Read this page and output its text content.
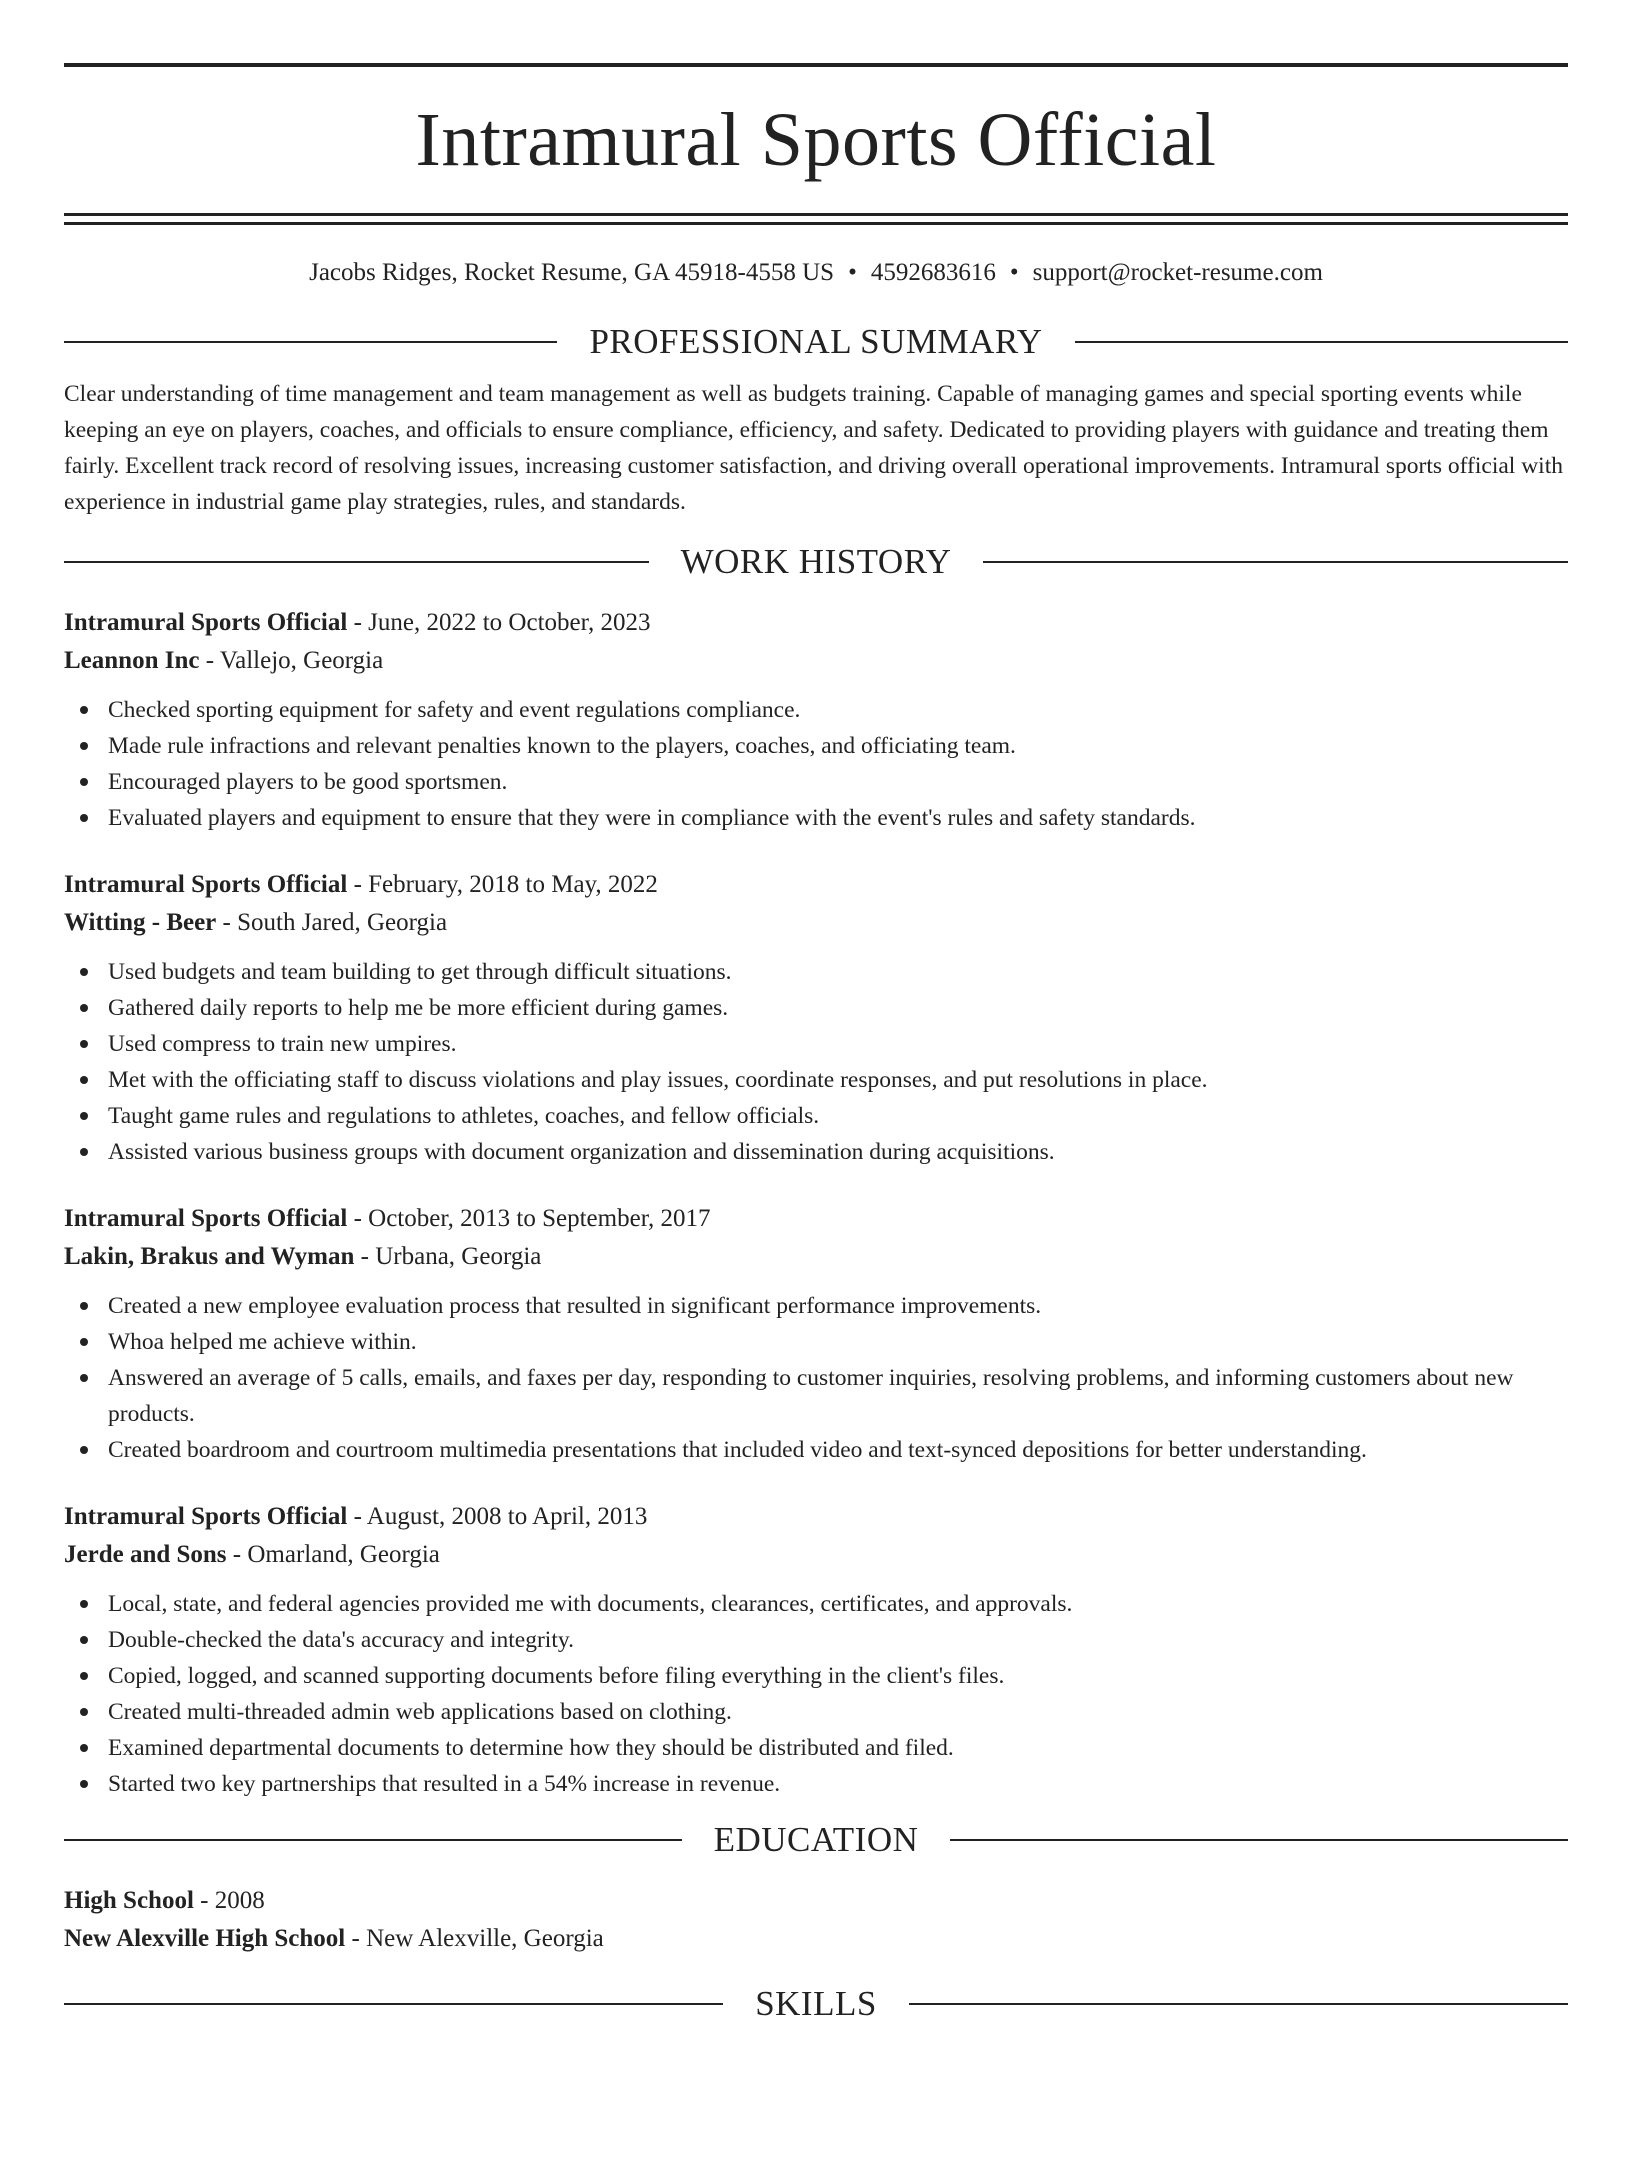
Intramural Sports Official
Jacobs Ridges, Rocket Resume, GA 45918-4558 US • 4592683616 • support@rocket-resume.com
PROFESSIONAL SUMMARY

Clear understanding of time management and team management as well as budgets training. Capable of managing games and special sporting events while keeping an eye on players, coaches, and officials to ensure compliance, efficiency, and safety. Dedicated to providing players with guidance and treating them fairly. Excellent track record of resolving issues, increasing customer satisfaction, and driving overall operational improvements. Intramural sports official with experience in industrial game play strategies, rules, and standards.

WORK HISTORY
Intramural Sports Official - June, 2022 to October, 2023
Leannon Inc - Vallejo, Georgia
Checked sporting equipment for safety and event regulations compliance.
Made rule infractions and relevant penalties known to the players, coaches, and officiating team.
Encouraged players to be good sportsmen.
Evaluated players and equipment to ensure that they were in compliance with the event's rules and safety standards.
Intramural Sports Official - February, 2018 to May, 2022
Witting - Beer - South Jared, Georgia
Used budgets and team building to get through difficult situations.
Gathered daily reports to help me be more efficient during games.
Used compress to train new umpires.
Met with the officiating staff to discuss violations and play issues, coordinate responses, and put resolutions in place.
Taught game rules and regulations to athletes, coaches, and fellow officials.
Assisted various business groups with document organization and dissemination during acquisitions.
Intramural Sports Official - October, 2013 to September, 2017
Lakin, Brakus and Wyman - Urbana, Georgia
Created a new employee evaluation process that resulted in significant performance improvements.
Whoa helped me achieve within.
Answered an average of 5 calls, emails, and faxes per day, responding to customer inquiries, resolving problems, and informing customers about new products.
Created boardroom and courtroom multimedia presentations that included video and text-synced depositions for better understanding.
Intramural Sports Official - August, 2008 to April, 2013
Jerde and Sons - Omarland, Georgia
Local, state, and federal agencies provided me with documents, clearances, certificates, and approvals.
Double-checked the data's accuracy and integrity.
Copied, logged, and scanned supporting documents before filing everything in the client's files.
Created multi-threaded admin web applications based on clothing.
Examined departmental documents to determine how they should be distributed and filed.
Started two key partnerships that resulted in a 54% increase in revenue.
EDUCATION
High School - 2008
New Alexville High School - New Alexville, Georgia
SKILLS
